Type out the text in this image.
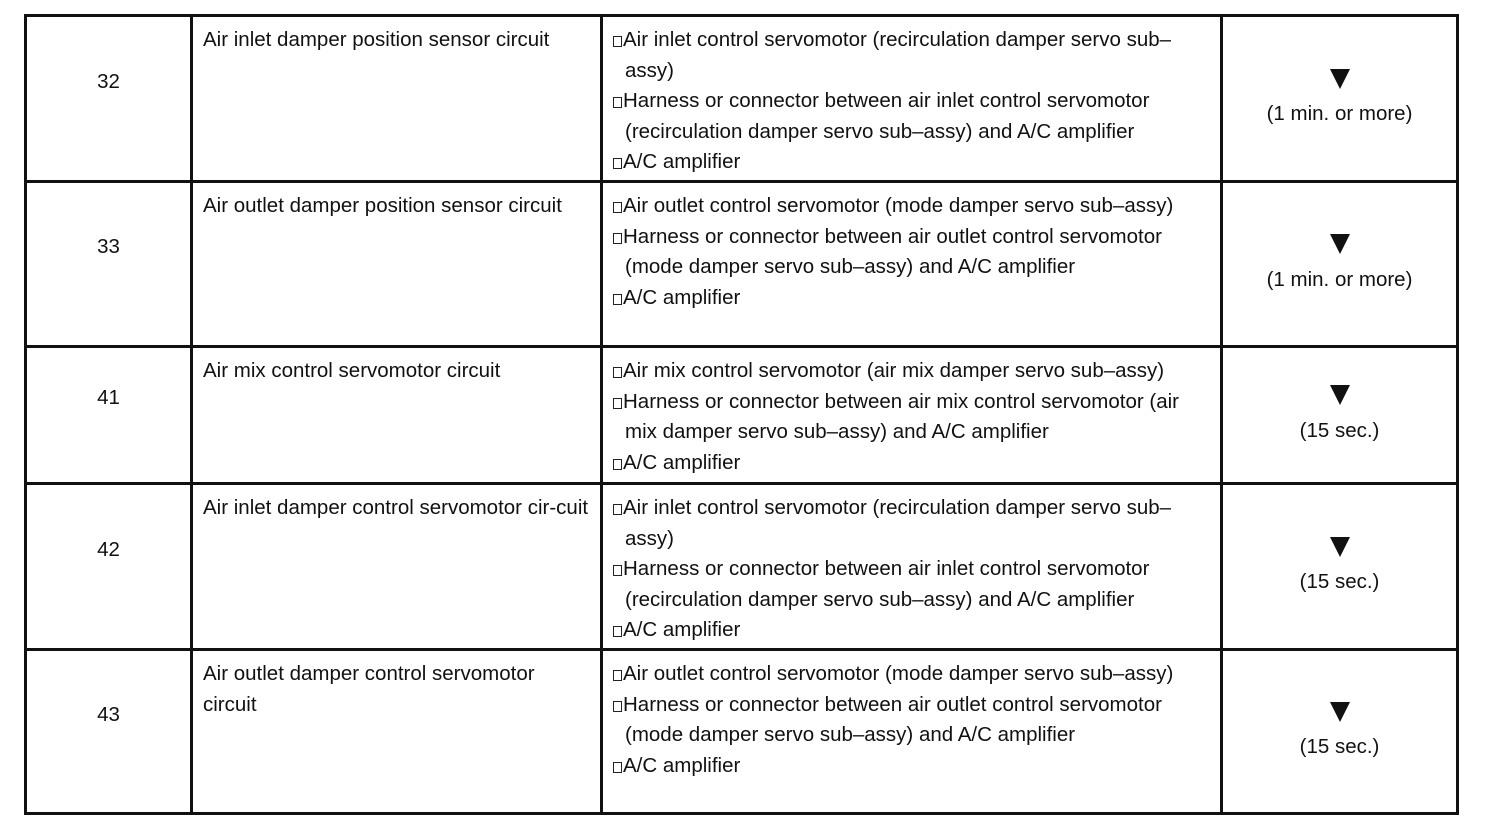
32	Air inlet damper position sensor circuit	Air inlet control servomotor (recirculation damper servo sub–assy)
Harness or connector between air inlet control servomotor (recirculation damper servo sub–assy) and A/C amplifier
A/C amplifier	(1 min. or more)

33	Air outlet damper position sensor circuit	Air outlet control servomotor (mode damper servo sub–assy)
Harness or connector between air outlet control servomotor (mode damper servo sub–assy) and A/C amplifier
A/C amplifier	(1 min. or more)

41	Air mix control servomotor circuit	Air mix control servomotor (air mix damper servo sub–assy)
Harness or connector between air mix control servomotor (air mix damper servo sub–assy) and A/C amplifier
A/C amplifier	(15 sec.)

42	Air inlet damper control servomotor cir-cuit	Air inlet control servomotor (recirculation damper servo sub–assy)
Harness or connector between air inlet control servomotor (recirculation damper servo sub–assy) and A/C amplifier
A/C amplifier	(15 sec.)

43	Air outlet damper control servomotor circuit	Air outlet control servomotor (mode damper servo sub–assy)
Harness or connector between air outlet control servomotor (mode damper servo sub–assy) and A/C amplifier
A/C amplifier	(15 sec.)
